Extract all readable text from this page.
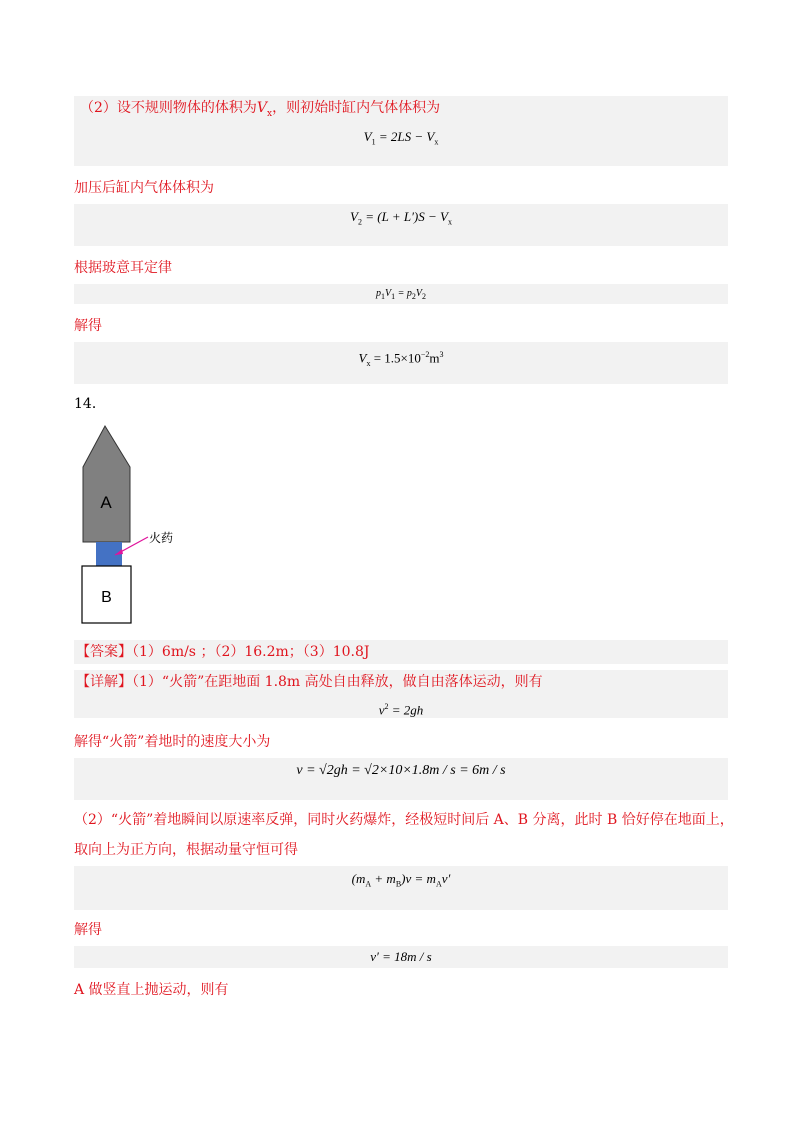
（2）设不规则物体的体积为$V_x$，则初始时缸内气体体积为
$V_1 = 2LS - V_x$
加压后缸内气体体积为
$V_2 = (L + L')S - V_x$
根据玻意耳定律
$p_1V_1 = p_2V_2$
解得
$V_x = 1.5\times 10^{-2}m^3$
14．
A
火药
B
【答案】（1）6m/s ；（2）16.2m；（3）10.8J
【详解】（1）“火箭”在距地面 1.8m 高处自由释放，做自由落体运动，则有
$v^2 = 2gh$
解得“火箭”着地时的速度大小为
v = √2gh = √2×10×1.8m / s = 6m / s
（2）“火箭”着地瞬间以原速率反弹，同时火药爆炸，经极短时间后 A、B 分离，此时 B 恰好停在地面上，
取向上为正方向，根据动量守恒可得
$(m_A + m_B)v = m_Av'$
解得
v′ = 18m / s
A 做竖直上抛运动，则有
